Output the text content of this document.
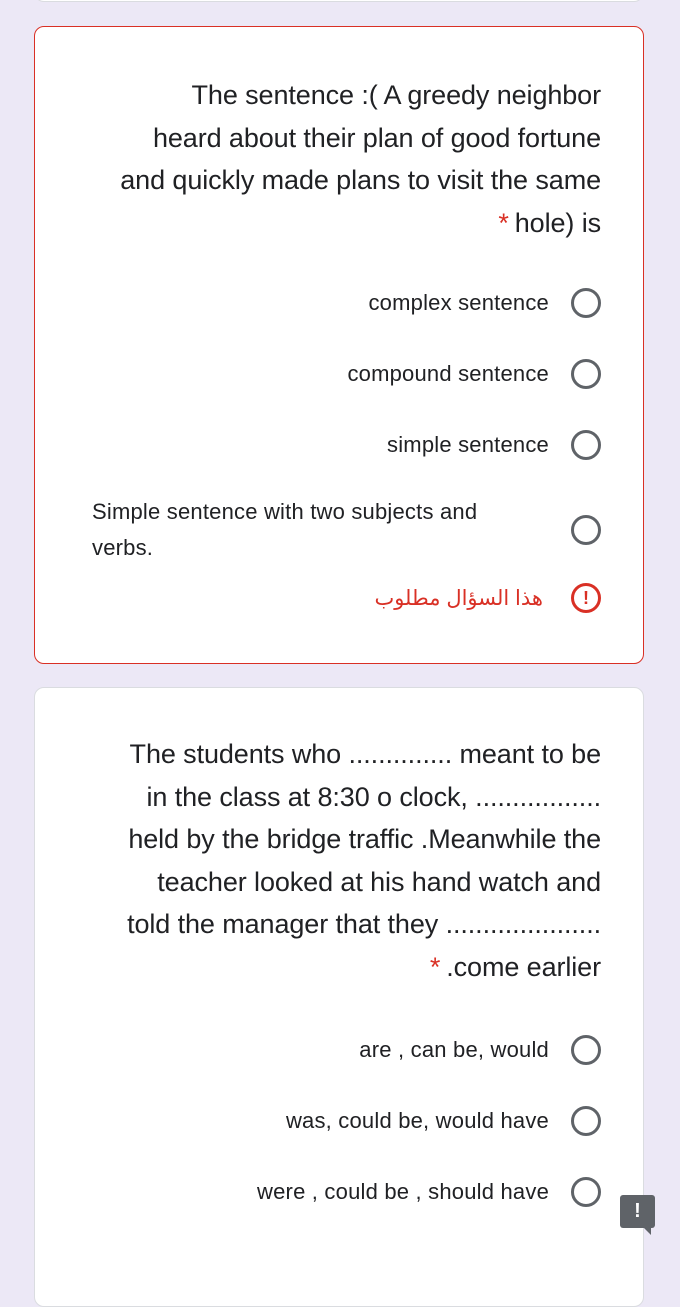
The sentence :( A greedy neighbor
heard about their plan of good fortune
and quickly made plans to visit the same
* hole) is
complex sentence
compound sentence
simple sentence
Simple sentence with two subjects and verbs.
هذا السؤال مطلوب	!
The students who .............. meant to be
in the class at 8:30 o clock, .................
held by the bridge traffic .Meanwhile the
teacher looked at his hand watch and
told the manager that they .....................
* .come earlier
are , can be, would
was, could be, would have
were , could be , should have
!
